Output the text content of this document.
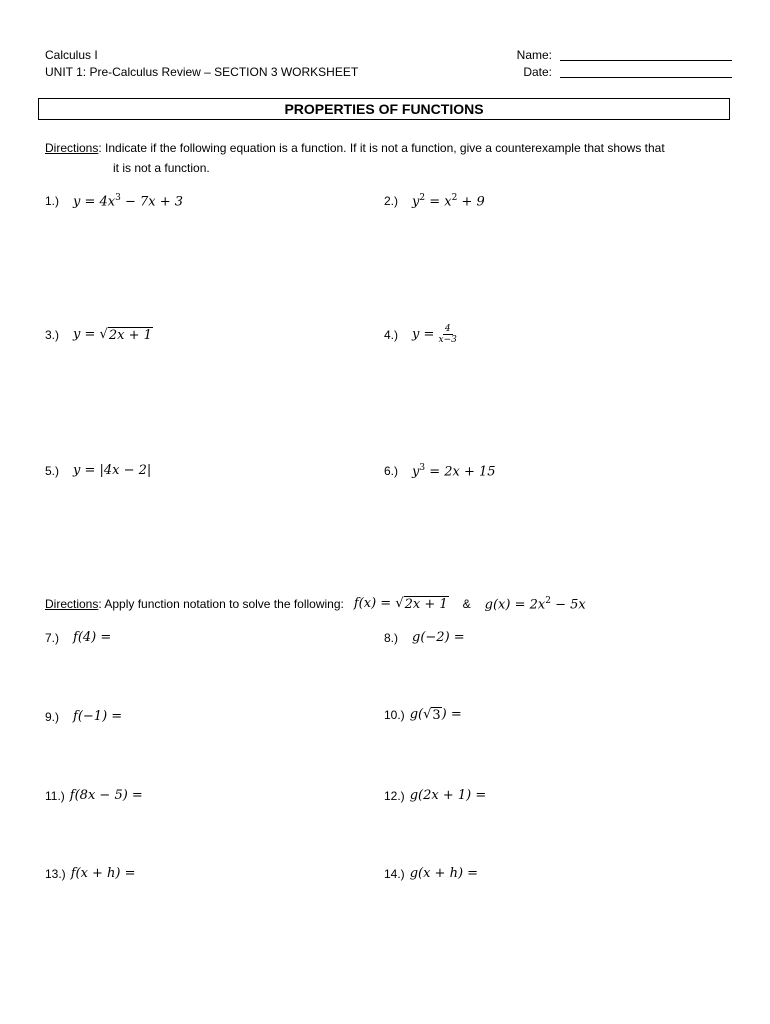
Calculus I
UNIT 1: Pre-Calculus Review – SECTION 3 WORKSHEET
Name:
Date:
PROPERTIES OF FUNCTIONS
Directions: Indicate if the following equation is a function. If it is not a function, give a counterexample that shows that
it is not a function.
1.) $y = 4x^3 - 7x + 3$	2.) $y^2 = x^2 + 9$
3.) y = √ 2x + 1	4.) $y = \frac{4}{x-3}$
5.) y = |4x − 2|	6.) $y^3 = 2x + 15$
Directions: Apply function notation to solve the following: f(x) = √ 2x + 1 & $g(x) = 2x^2 - 5x$
7.) f(4) =	8.) g(−2) =
9.) f(−1) =	10.) g( √ 3 ) =
11.) f(8x − 5) =	12.) g(2x + 1) =
13.) f(x + h) =	14.) g(x + h) =
